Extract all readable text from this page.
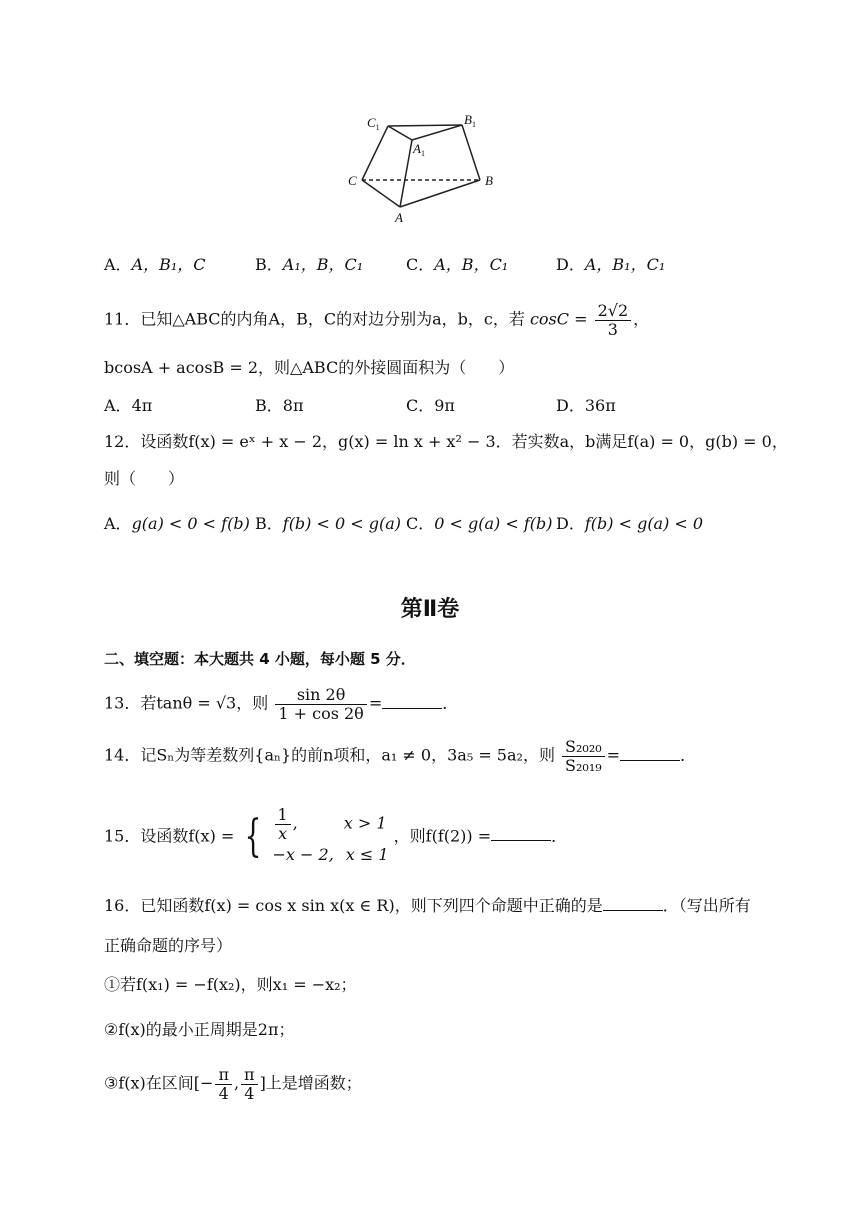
$C_1$
$B_1$
$A_1$
C	B
A
A．A，B₁，C	B．A₁，B，C₁	C．A，B，C₁	D．A，B₁，C₁
11．已知△ABC的内角A，B，C的对边分别为a，b，c，若 $\cos C = \frac{2√2}{3}$ ，
bcosA + acosB = 2，则△ABC的外接圆面积为（　　）
A．4π	B．8π	C．9π	D．36π
12．设函数f(x) = eˣ + x − 2，g(x) = ln x + x² − 3．若实数a，b满足f(a) = 0，g(b) = 0，
则（　　）
A．g(a) < 0 < f(b) B．f(b) < 0 < g(a) C．0 < g(a) < f(b) D．f(b) < g(a) < 0
第Ⅱ卷
二、填空题：本大题共 4 小题，每小题 5 分．
13．若tanθ = √3，则 $\frac{\sin 2\theta}{1 + \cos 2\theta}$ =	．
14．记Sₙ为等差数列{aₙ}的前n项和，a₁ ≠ 0，3a₅ = 5a₂，则 $\frac{\text{S₂₀₂₀}}{\text{S₂₀₁₉}}$ =	．
15．设函数f(x) = { $\frac{1}{x}$ ,	x > 1
−x − 2, x ≤ 1
，则f(f(2)) =	．
16．已知函数f(x) = cos x sin x(x ∈ R)，则下列四个命题中正确的是	．（写出所有
正确命题的序号）
①若f(x₁) = −f(x₂)，则x₁ = −x₂；
②f(x)的最小正周期是2π；
③f(x)在区间[− $\frac{\pi}{4}$ , $\frac{\pi}{4}$ ]上是增函数；
